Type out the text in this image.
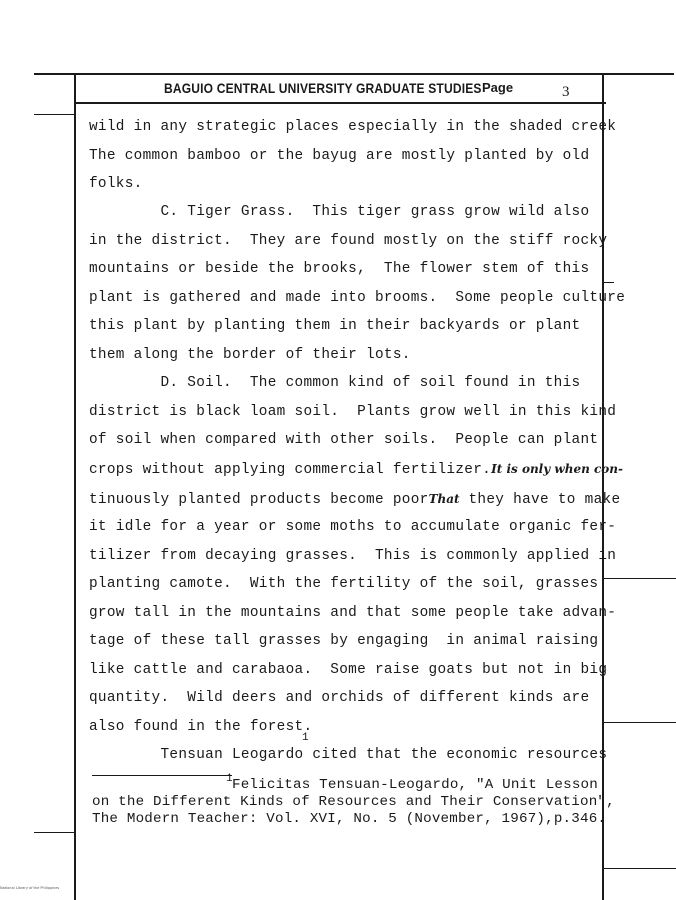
BAGUIO CENTRAL UNIVERSITY GRADUATE STUDIES Page	3
wild in any strategic places especially in the shaded creek
The common bamboo or the bayug are mostly planted by old
folks.
C. Tiger Grass.  This tiger grass grow wild also
in the district.  They are found mostly on the stiff rocky
mountains or beside the brooks,  The flower stem of this
plant is gathered and made into brooms.  Some people culture
this plant by planting them in their backyards or plant
them along the border of their lots.
D. Soil.  The common kind of soil found in this
district is black loam soil.  Plants grow well in this kind
of soil when compared with other soils.  People can plant
crops without applying commercial fertilizer.It is only when con-
tinuously planted products become poorThat they have to make
it idle for a year or some moths to accumulate organic fer-
tilizer from decaying grasses.  This is commonly applied in
planting camote.  With the fertility of the soil, grasses
grow tall in the mountains and that some people take advan-
tage of these tall grasses by engaging  in animal raising
like cattle and carabaoa.  Some raise goats but not in big
quantity.  Wild deers and orchids of different kinds are
also found in the forest.
Tensuan Leogardo cited that the economic resources
1
1 Felicitas Tensuan-Leogardo, "A Unit Lesson
on the Different Kinds of Resources and Their Conservation",
The Modern Teacher: Vol. XVI, No. 5 (November, 1967),p.346.
National Library of the Philippines
